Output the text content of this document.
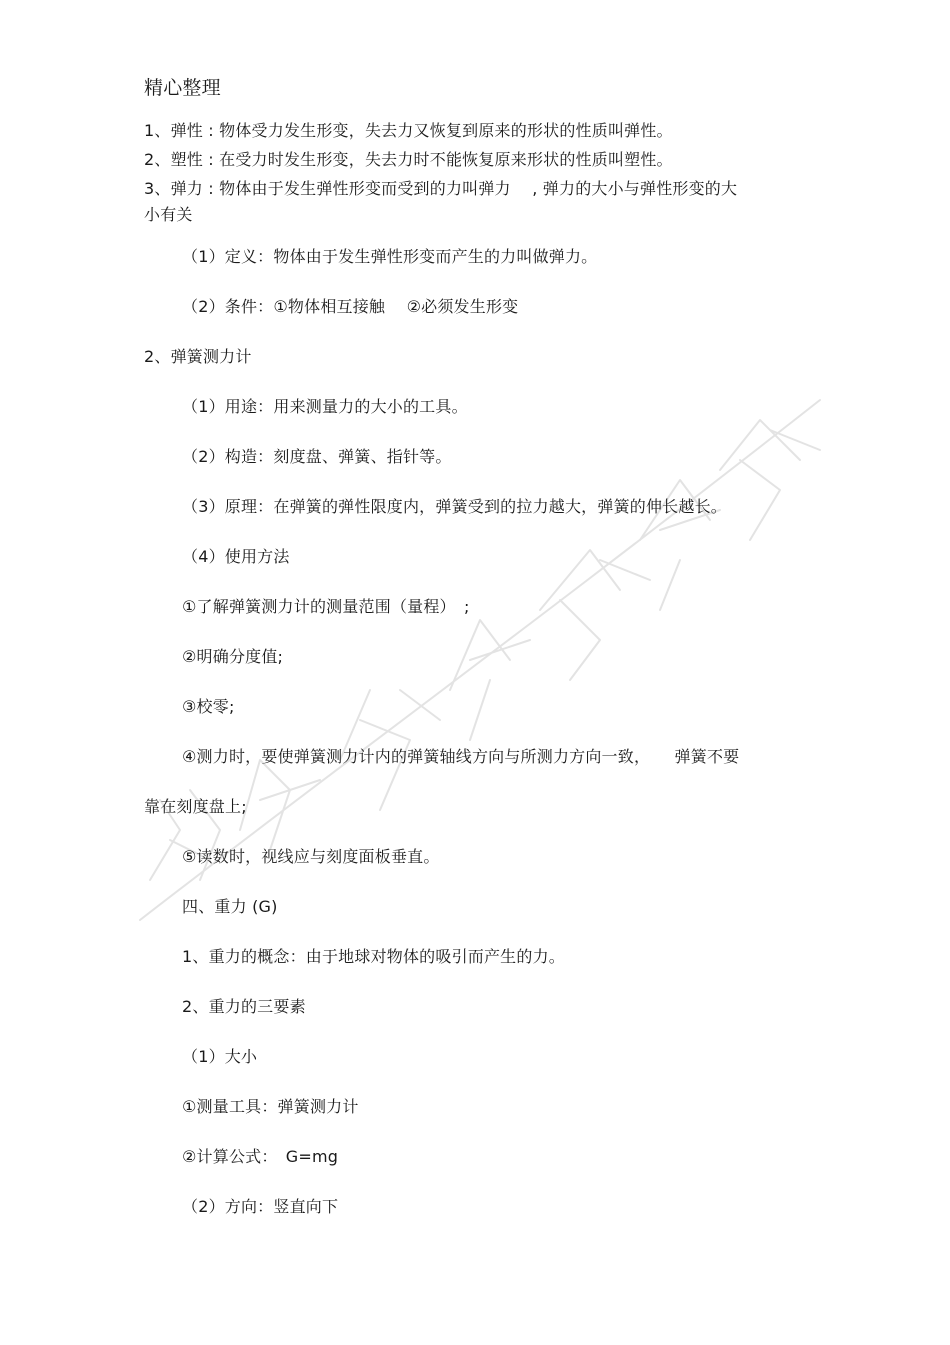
精心整理
1、弹性 : 物体受力发生形变，失去力又恢复到原来的形状的性质叫弹性。
2、塑性 : 在受力时发生形变，失去力时不能恢复原来形状的性质叫塑性。
3、弹力 : 物体由于发生弹性形变而受到的力叫弹力　 , 弹力的大小与弹性形变的大
小有关
（1）定义：物体由于发生弹性形变而产生的力叫做弹力。
（2）条件：①物体相互接触　 ②必须发生形变
2、弹簧测力计
（1）用途：用来测量力的大小的工具。
（2）构造：刻度盘、弹簧、指针等。
（3）原理：在弹簧的弹性限度内，弹簧受到的拉力越大，弹簧的伸长越长。
（4）使用方法
①了解弹簧测力计的测量范围（量程）　;
②明确分度值;
③校零;
④测力时，要使弹簧测力计内的弹簧轴线方向与所测力方向一致，　　弹簧不要
靠在刻度盘上;
⑤读数时，视线应与刻度面板垂直。
四、重力 (G)
1、重力的概念：由于地球对物体的吸引而产生的力。
2、重力的三要素
（1）大小
①测量工具：弹簧测力计
②计算公式：　G=mg
（2）方向：竖直向下
